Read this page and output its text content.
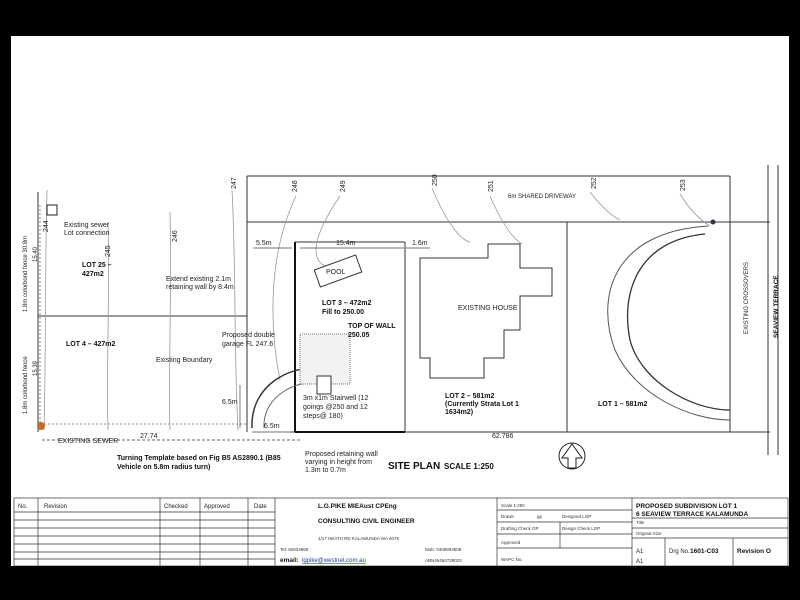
POOL
EXISTING HOUSE
LOT 25 –
427m2
LOT 4 – 427m2
LOT 3 – 472m2
Fill to 250.00
LOT 2 – 581m2
(Currently Strata Lot 1
1634m2)
LOT 1 – 581m2
TOP OF WALL
250.05
Existing sewer
Lot connection
Extend existing 2.1m
retaining wall by 8.4m
Proposed double
garage FL 247.6
Existing Boundary
3m x1m Stairwell (12
goings @250 and 12
steps@ 180)
Proposed retaining wall
varying in height from
1.3m to 0.7m
Turning Template based on Fig B5 AS2890.1 (B85
Vehicle on 5.8m radius turn)
EXISTING SEWER
6m SHARED DRIVEWAY
SEAVIEW TERRACE
EXISTING CROSSOVERS
1.8m colorbond fence 30.8m
1.8m colorbond fence
15.40
15.39
SITE PLAN SCALE 1:250
5.5m	15.4m	1.6m
6.5m
6.5m
27.74	62.786
244
245
246
247	248	249
250
251	252	253
No.	Revision	Checked	Approved	Date	L.G.PIKE MIEAust CPEng
CONSULTING CIVIL ENGINEER
1/17 HEATH RD KALAMUNDA WA 6076
Tel: 92933868	Mob: 0408893508
email: lgpike@westnet.com.au	ABN46464729023
Scale 1:250
Drawn	gp	Designed LGP
Drafting Check GP	Design Check LGP
Approved
WAPC No.
PROPOSED SUBDIVISION LOT 1
6 SEAVIEW TERRACE KALAMUNDA
Title
Original Size
A1
A1
Drg No. 1601-C03	Revision O
